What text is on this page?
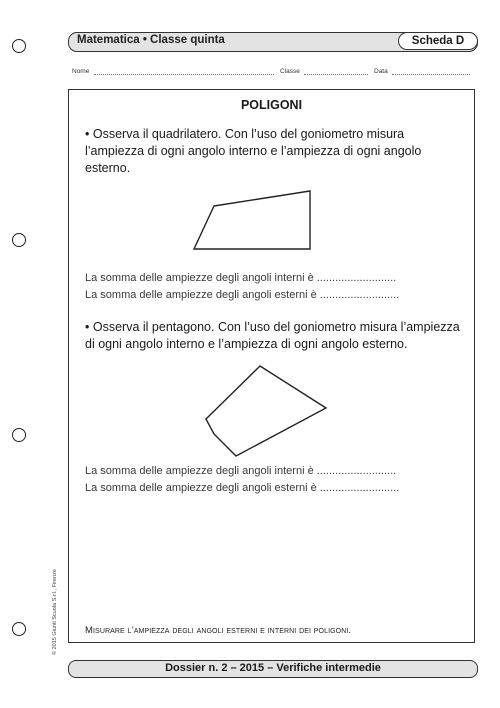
Matematica • Classe quinta	Scheda D
Nome	Classe	Data
POLIGONI
• Osserva il quadrilatero. Con l’uso del goniometro misura l’ampiezza di ogni angolo interno e l’ampiezza di ogni angolo esterno.
La somma delle ampiezze degli angoli interni è ..........................
La somma delle ampiezze degli angoli esterni è ..........................
• Osserva il pentagono. Con l’uso del goniometro misura l’ampiezza di ogni angolo interno e l’ampiezza di ogni angolo esterno.
La somma delle ampiezze degli angoli interni è ..........................
La somma delle ampiezze degli angoli esterni è ..........................
Misurare l’ampiezza degli angoli esterni e interni dei poligoni.
© 2015 Giunti Scuola S.r.l., Firenze
Dossier n. 2 – 2015 – Verifiche intermedie
